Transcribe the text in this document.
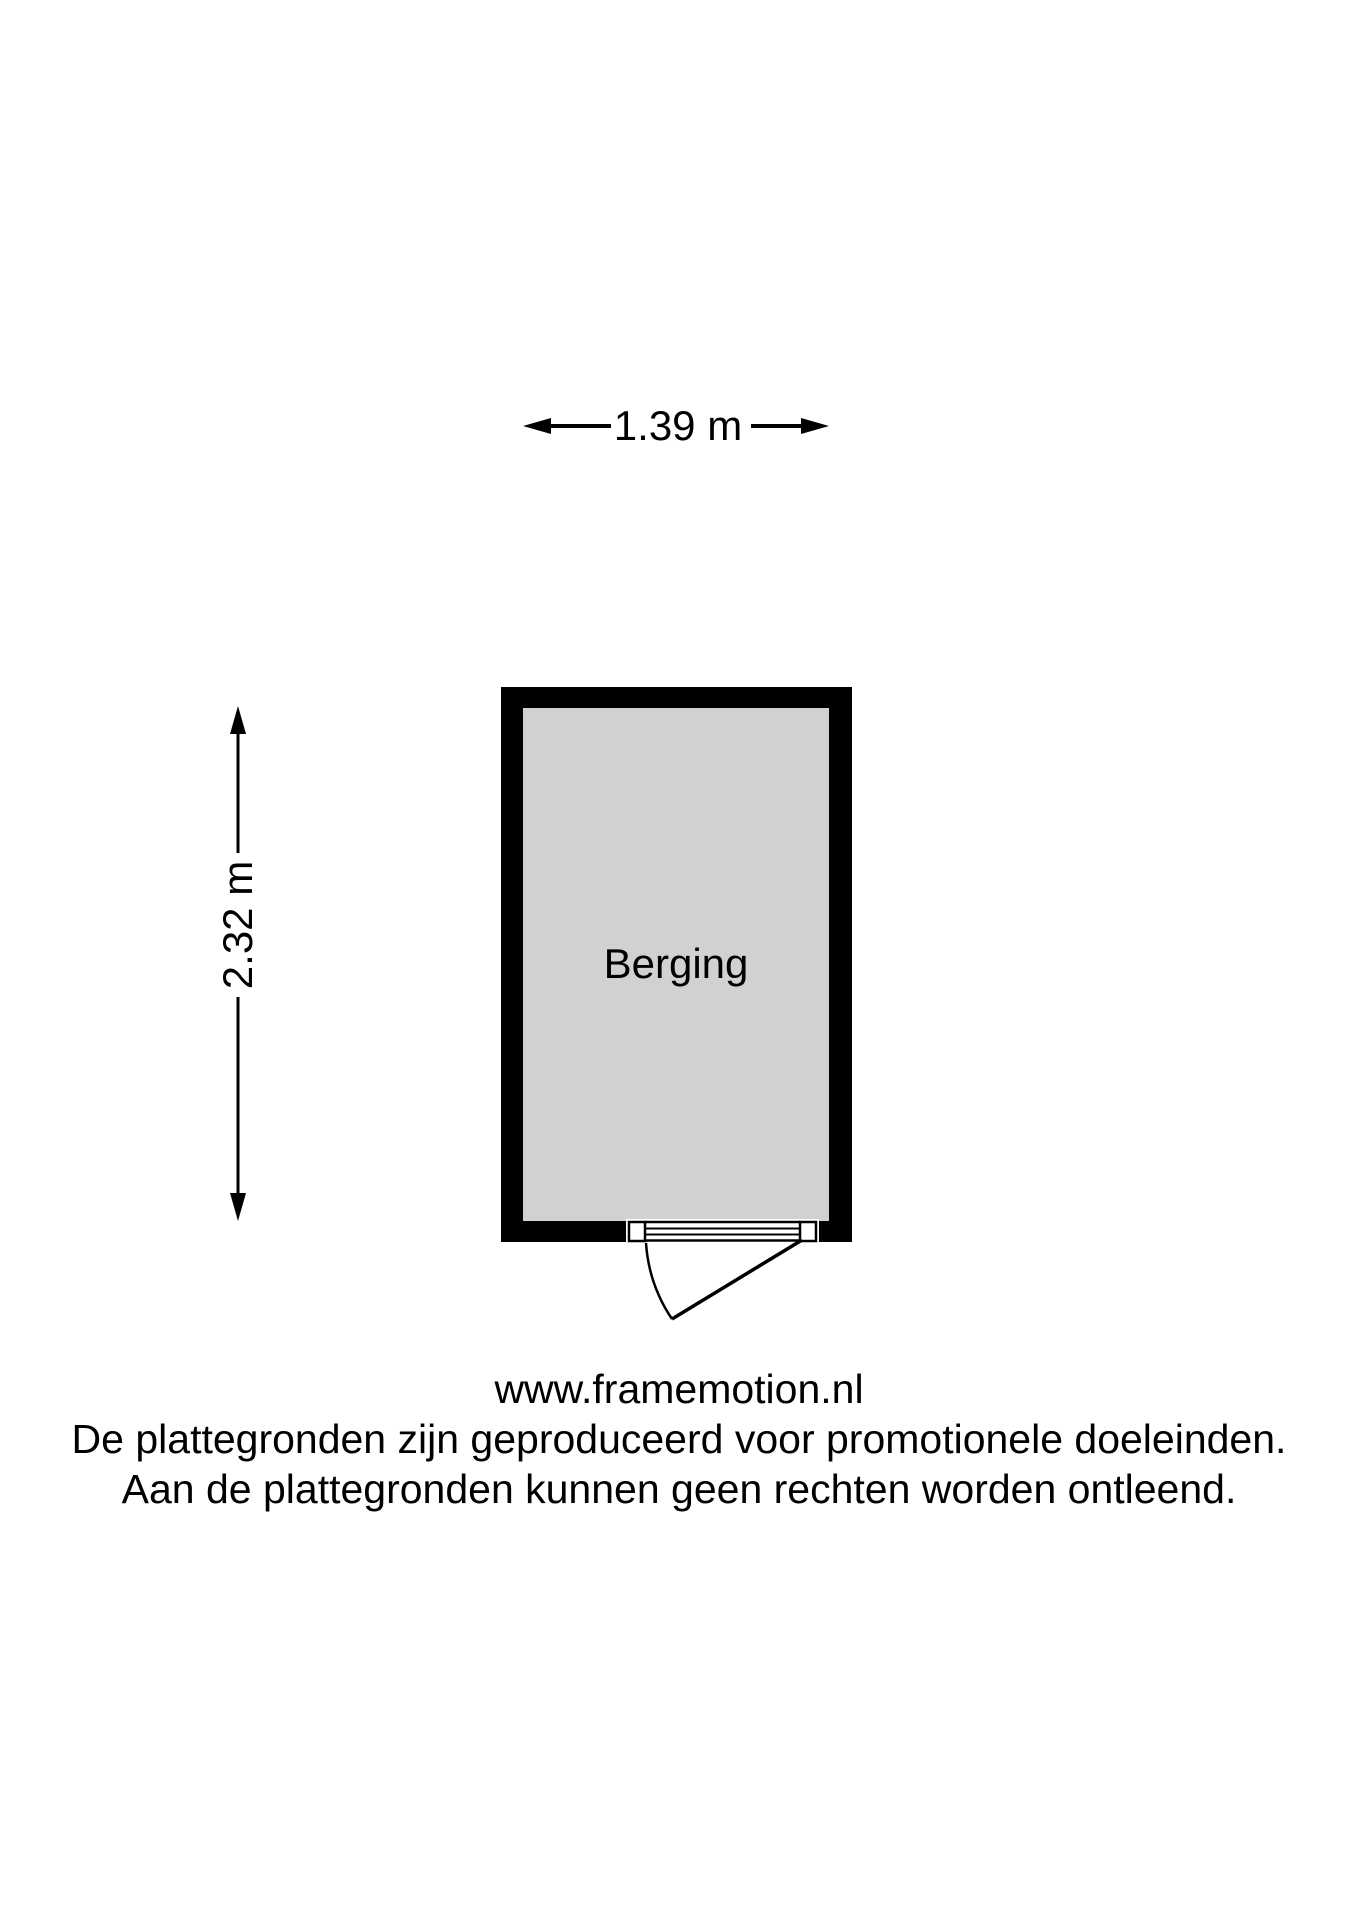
1.39 m
2.32 m	Berging
www.framemotion.nl
De plattegronden zijn geproduceerd voor promotionele doeleinden.
Aan de plattegronden kunnen geen rechten worden ontleend.
